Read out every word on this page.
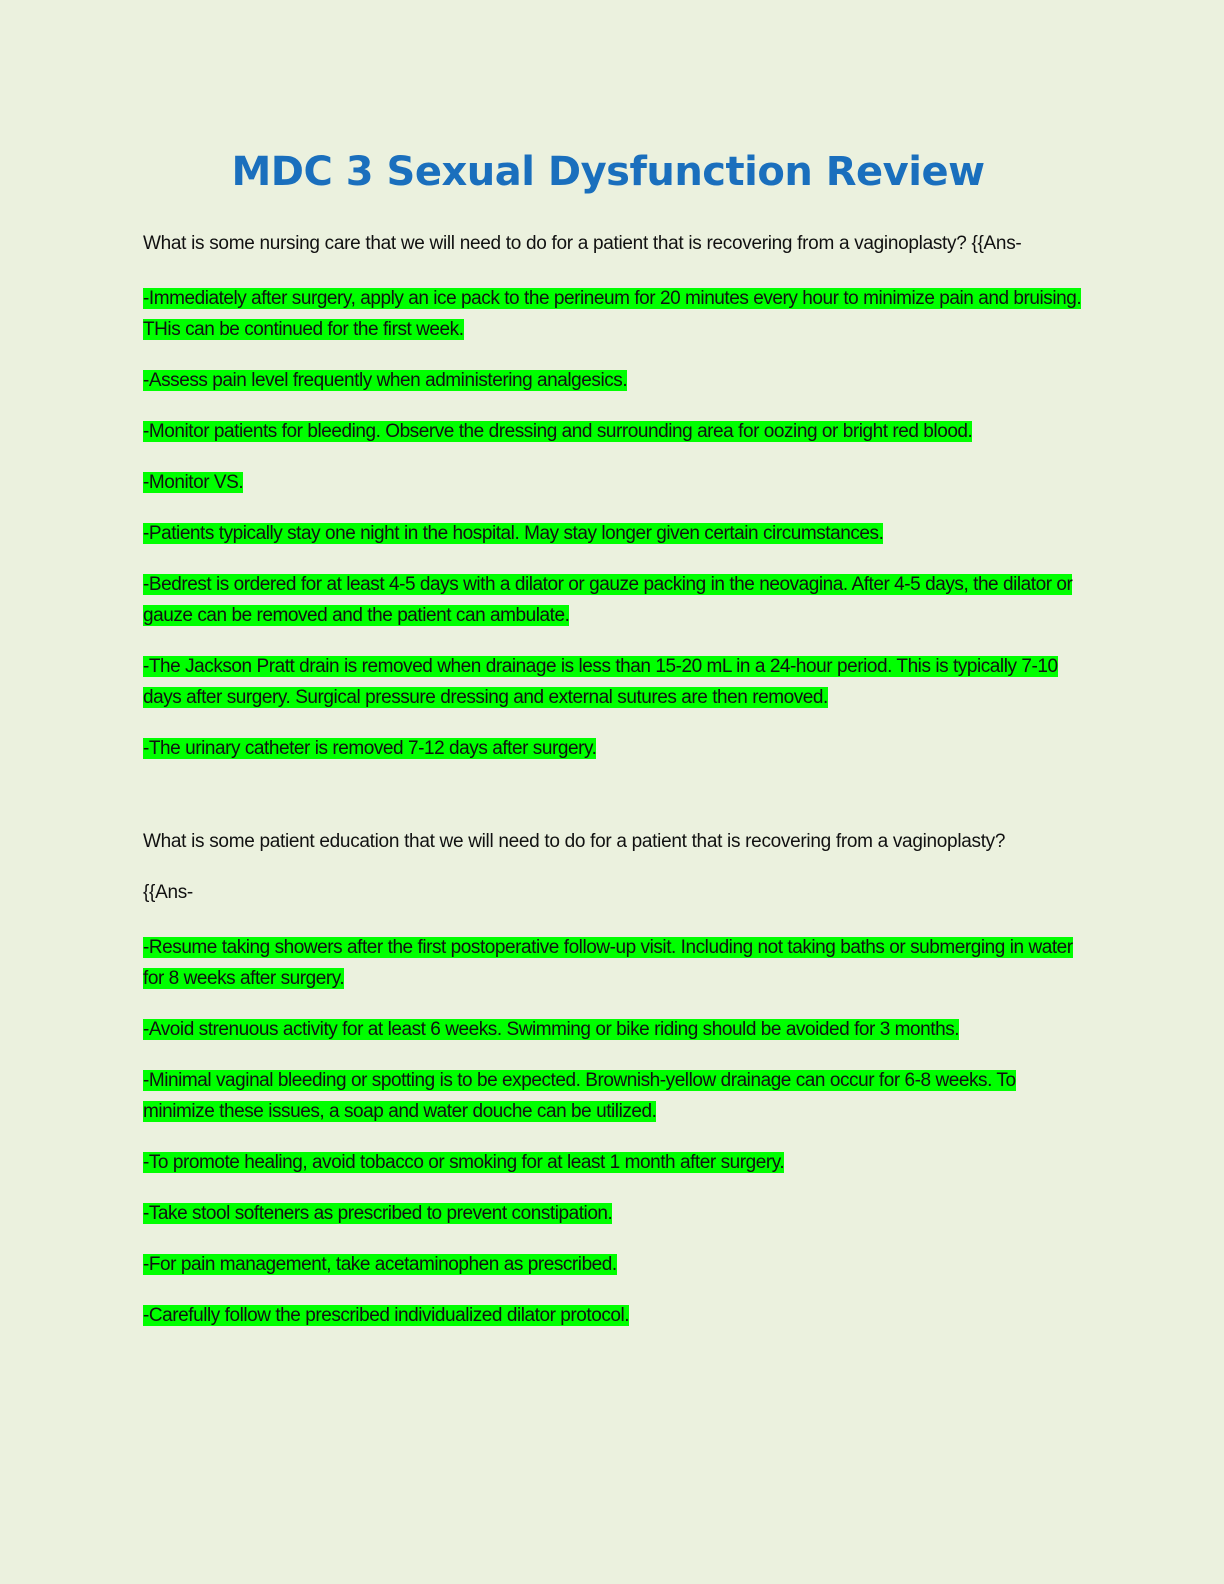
MDC 3 Sexual Dysfunction Review

What is some nursing care that we will need to do for a patient that is recovering from a vaginoplasty? {{Ans-

-Immediately after surgery, apply an ice pack to the perineum for 20 minutes every hour to minimize pain and bruising. THis can be continued for the first week.

-Assess pain level frequently when administering analgesics.

-Monitor patients for bleeding. Observe the dressing and surrounding area for oozing or bright red blood.

-Monitor VS.

-Patients typically stay one night in the hospital. May stay longer given certain circumstances.

-Bedrest is ordered for at least 4-5 days with a dilator or gauze packing in the neovagina. After 4-5 days, the dilator or gauze can be removed and the patient can ambulate.

-The Jackson Pratt drain is removed when drainage is less than 15-20 mL in a 24-hour period. This is typically 7-10 days after surgery. Surgical pressure dressing and external sutures are then removed.

-The urinary catheter is removed 7-12 days after surgery.

What is some patient education that we will need to do for a patient that is recovering from a vaginoplasty?

{{Ans-

-Resume taking showers after the first postoperative follow-up visit. Including not taking baths or submerging in water for 8 weeks after surgery.

-Avoid strenuous activity for at least 6 weeks. Swimming or bike riding should be avoided for 3 months.

-Minimal vaginal bleeding or spotting is to be expected. Brownish-yellow drainage can occur for 6-8 weeks. To minimize these issues, a soap and water douche can be utilized.

-To promote healing, avoid tobacco or smoking for at least 1 month after surgery.

-Take stool softeners as prescribed to prevent constipation.

-For pain management, take acetaminophen as prescribed.

-Carefully follow the prescribed individualized dilator protocol.
